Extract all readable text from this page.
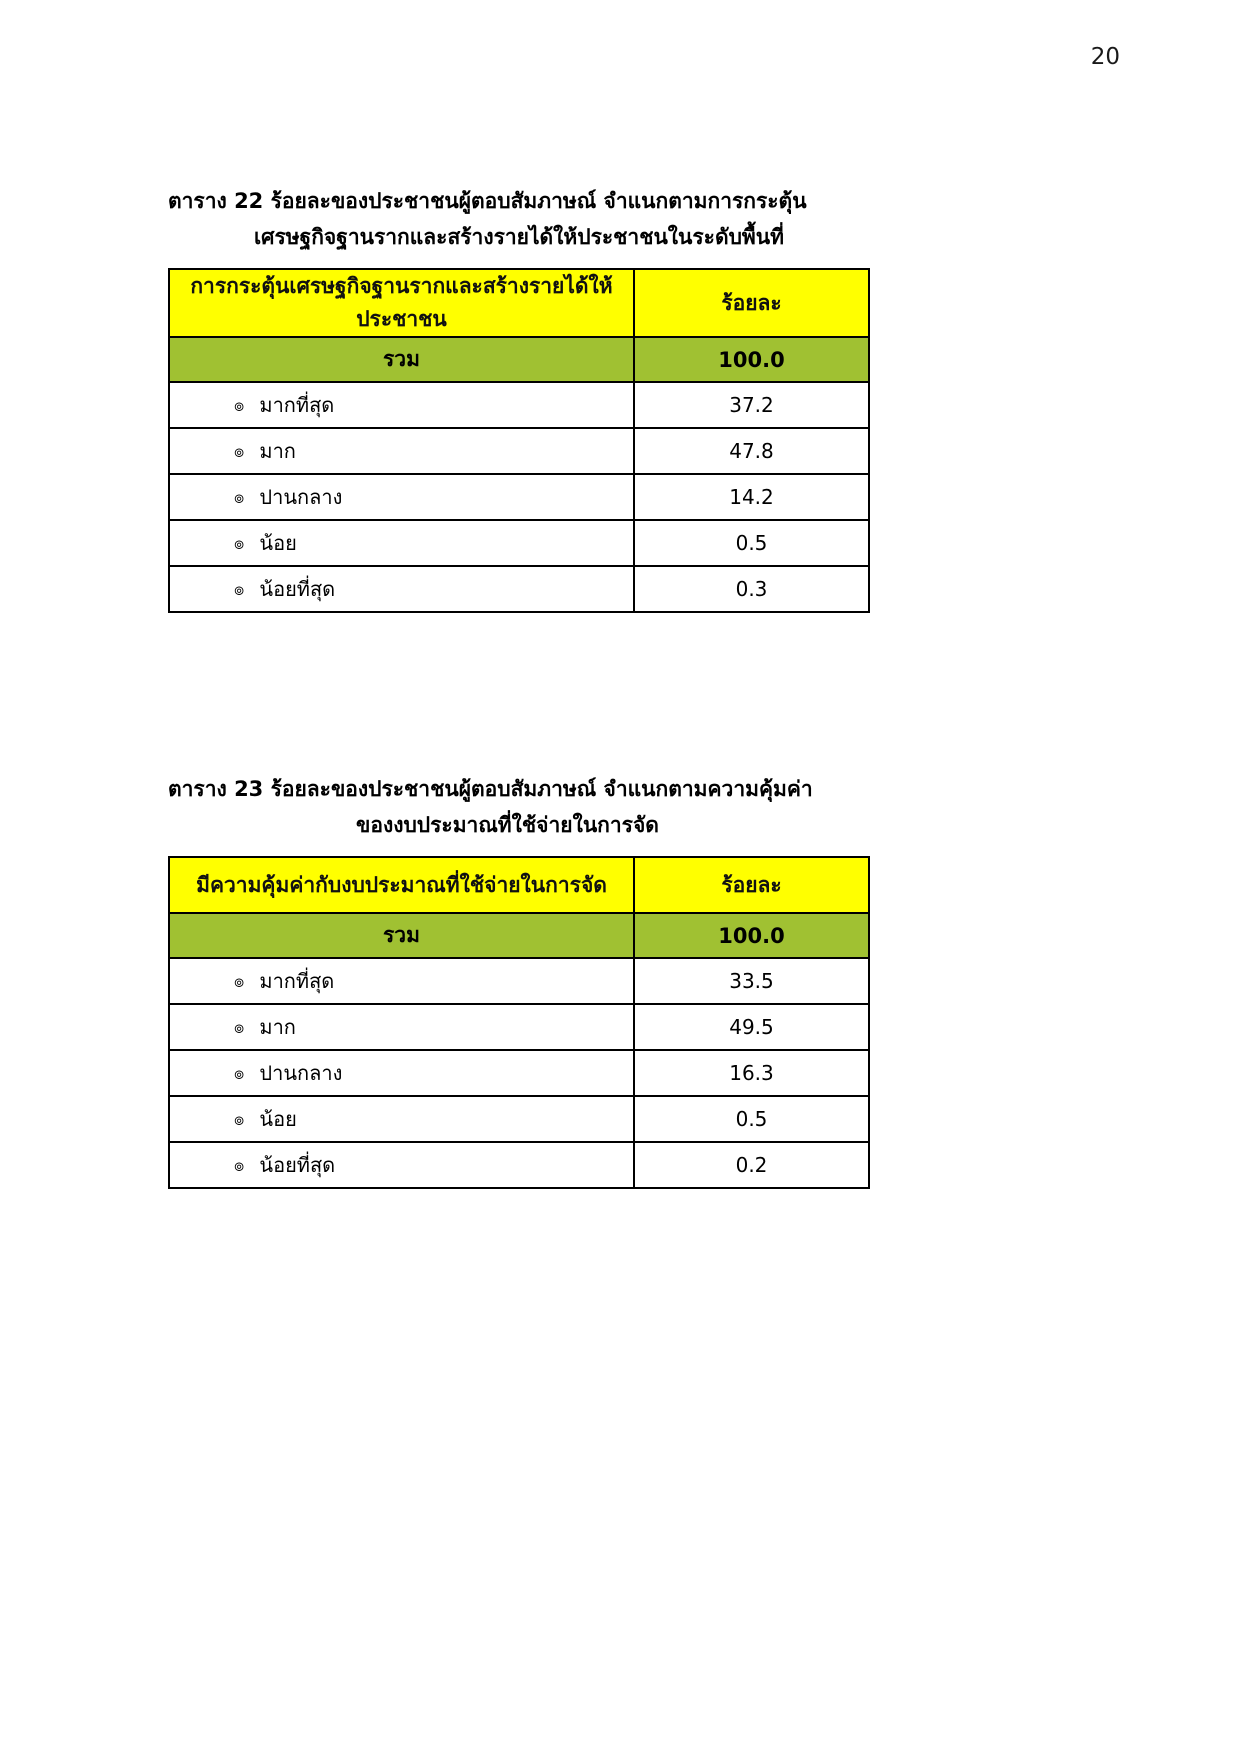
20
ตาราง 22 ร้อยละของประชาชนผู้ตอบสัมภาษณ์ จำแนกตามการกระตุ้น
เศรษฐกิจฐานรากและสร้างรายได้ให้ประชาชนในระดับพื้นที่
การกระตุ้นเศรษฐกิจฐานรากและสร้างรายได้ให้ประชาชน	ร้อยละ
รวม	100.0
๏ มากที่สุด	37.2
๏ มาก	47.8
๏ ปานกลาง	14.2
๏ น้อย	0.5
๏ น้อยที่สุด	0.3
ตาราง 23 ร้อยละของประชาชนผู้ตอบสัมภาษณ์ จำแนกตามความคุ้มค่า
ของงบประมาณที่ใช้จ่ายในการจัด
มีความคุ้มค่ากับงบประมาณที่ใช้จ่ายในการจัด	ร้อยละ
รวม	100.0
๏ มากที่สุด	33.5
๏ มาก	49.5
๏ ปานกลาง	16.3
๏ น้อย	0.5
๏ น้อยที่สุด	0.2
